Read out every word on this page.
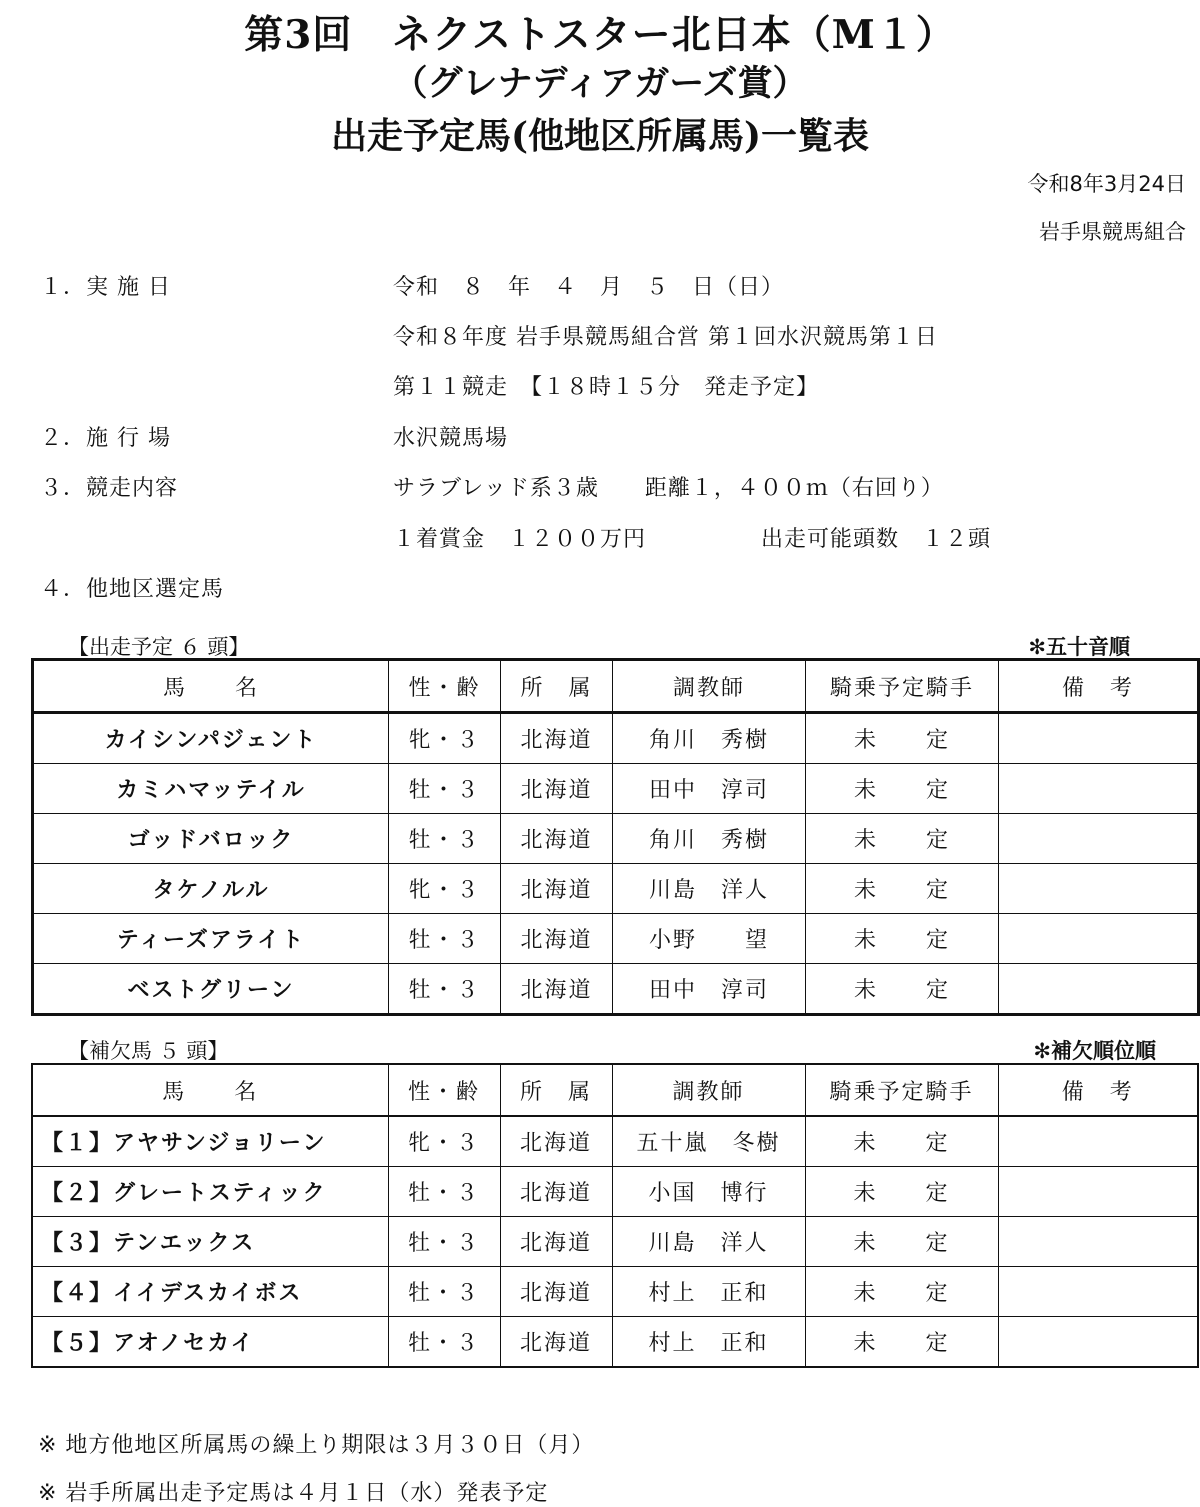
第3回　ネクストスター北日本（M１）
（グレナディアガーズ賞）
出走予定馬(他地区所属馬)一覧表
令和8年3月24日
岩手県競馬組合
１．実 施 日	令和　８　年　４　月　５　日（日）
令和８年度 岩手県競馬組合営 第１回水沢競馬第１日
第１１競走　【１８時１５分　発走予定】
２．施 行 場	水沢競馬場
３．競走内容	サラブレッド系３歳　　距離１，４００ｍ（右回り）
１着賞金　１２００万円　　　　　出走可能頭数　１２頭
４．他地区選定馬
【出走予定 ６ 頭】	✻五十音順
馬　　名	性・齢	所　属	調教師	騎乗予定騎手	備　考
カイシンパジェント	牝・３	北海道	角川　秀樹	未　　定	
カミハマッテイル	牡・３	北海道	田中　淳司	未　　定	
ゴッドバロック	牡・３	北海道	角川　秀樹	未　　定	
タケノルル	牝・３	北海道	川島　洋人	未　　定	
ティーズアライト	牡・３	北海道	小野　　望	未　　定	
ベストグリーン	牡・３	北海道	田中　淳司	未　　定	
【補欠馬 ５ 頭】	✻補欠順位順
馬　　名	性・齢	所　属	調教師	騎乗予定騎手	備　考
【１】アヤサンジョリーン	牝・３	北海道	五十嵐　冬樹	未　　定	
【２】グレートスティック	牡・３	北海道	小国　博行	未　　定	
【３】テンエックス	牡・３	北海道	川島　洋人	未　　定	
【４】イイデスカイボス	牡・３	北海道	村上　正和	未　　定	
【５】アオノセカイ	牡・３	北海道	村上　正和	未　　定	
※ 地方他地区所属馬の繰上り期限は３月３０日（月）
※ 岩手所属出走予定馬は４月１日（水）発表予定
